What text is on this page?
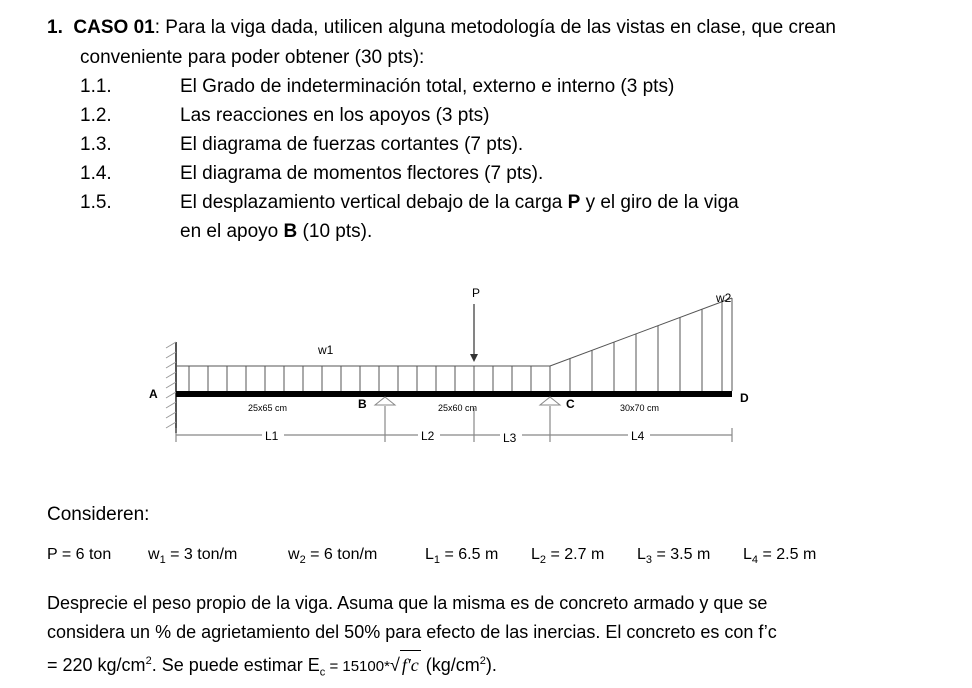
1. CASO 01: Para la viga dada, utilicen alguna metodología de las vistas en clase, que crean
conveniente para poder obtener (30 pts):
1.1.	El Grado de indeterminación total, externo e interno (3 pts)
1.2.	Las reacciones en los apoyos (3 pts)
1.3.	El diagrama de fuerzas cortantes (7 pts).
1.4.	El diagrama de momentos flectores (7 pts).
1.5.	El desplazamiento vertical debajo de la carga P y el giro de la viga
en el apoyo B (10 pts).
P	w2
w1
A
B	C	D
25x65 cm	25x60 cm	30x70 cm
L1	L2	L3	L4
Consideren:
P = 6 ton $w_1 = 3$ ton/m	$w_2 = 6$ ton/m	$L_1 = 6.5$ m $L_2 = 2.7$ m $L_3 = 3.5$ m $L_4 = 2.5$ m
Desprecie el peso propio de la viga. Asuma que la misma es de concreto armado y que se
considera un % de agrietamiento del 50% para efecto de las inercias. El concreto es con f’c
= 220 $kg/cm^2$. Se puede estimar $E_c = 15100*√$ f′c $(kg/cm^2)$.
